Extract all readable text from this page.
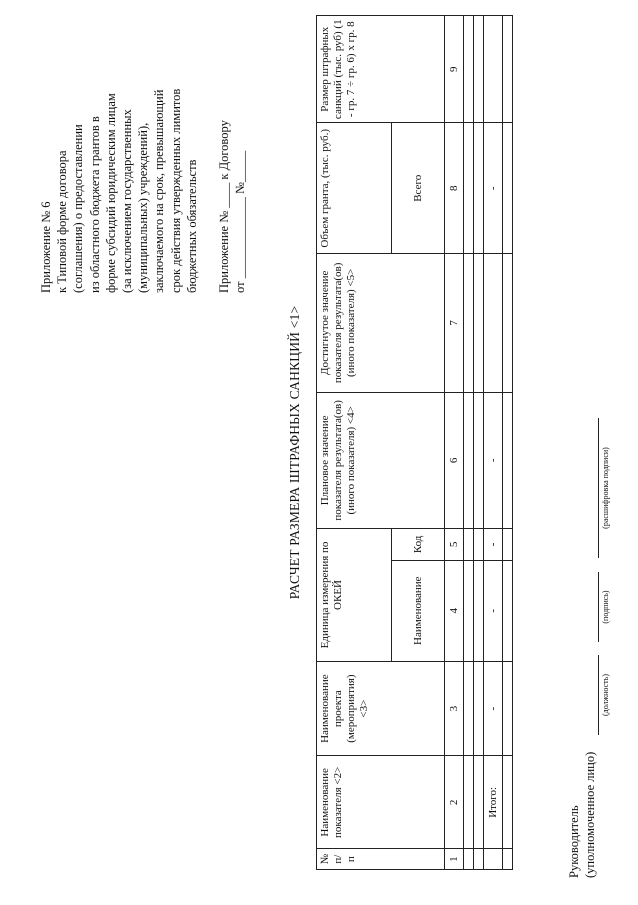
Приложение № 6 к Типовой форме договора (соглашения) о предоставлении из областного бюджета грантов в форме субсидий юридическим лицам (за исключением государственных (муниципальных) учреждений), заключаемого на срок, превышающий срок действия утвержденных лимитов бюджетных обязательств Приложение № ____ к Договору от _____________ №_____

РАСЧЕТ РАЗМЕРА ШТРАФНЫХ САНКЦИЙ <1>
№ п/п	Наименование показателя <2>	Наименование проекта (мероприятия) <3>	Единица измерения по ОКЕЙ		Плановое значение показателя результата(ов) (иного показателя) <4>	Достигнутое значение показателя результата(ов) (иного показателя) <5>	Объем гранта, (тыс. руб.)	Размер штрафных санкций (тыс. руб) (1 - гр. 7 ÷ гр. 6) x гр. 8
			Наименование	Код			Всего	
1	2	3	4	5	6	7	8	9

	Итого:	-	-	-	-		-	

Руководитель (уполномоченное лицо)
(должность)
(подпись)
(расшифровка подписи)
